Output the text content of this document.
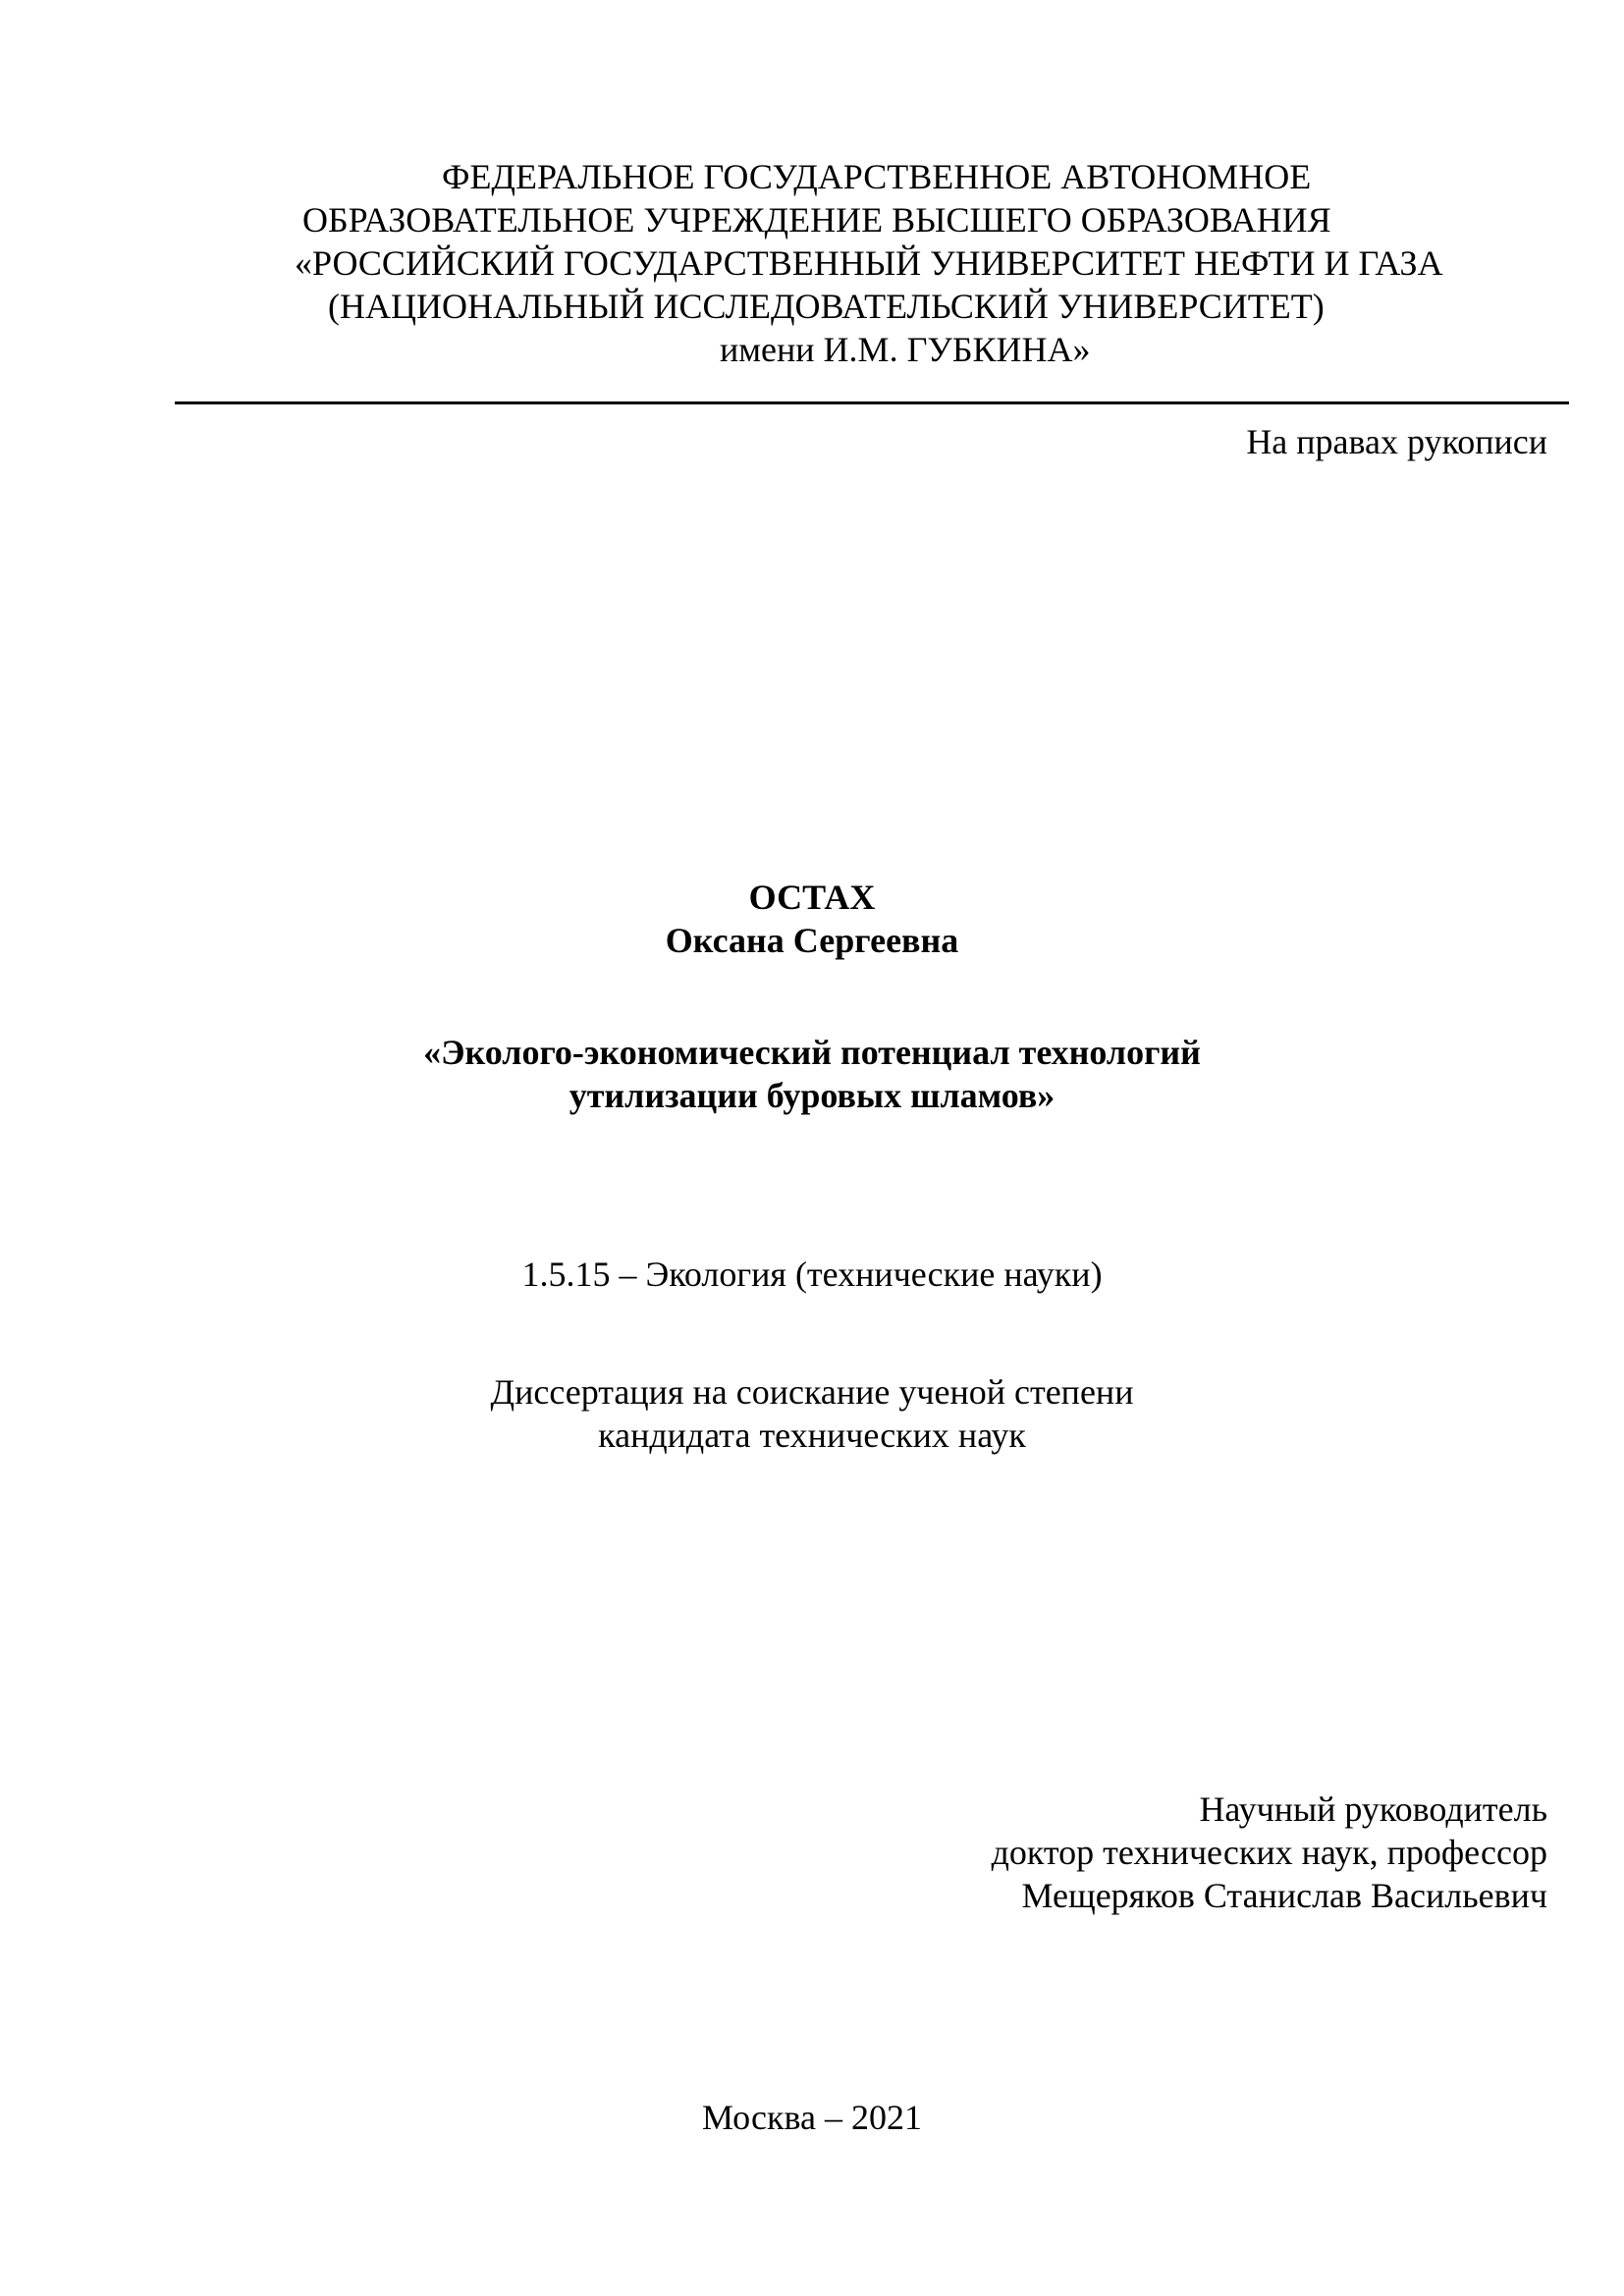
ФЕДЕРАЛЬНОЕ ГОСУДАРСТВЕННОЕ АВТОНОМНОЕ
ОБРАЗОВАТЕЛЬНОЕ УЧРЕЖДЕНИЕ ВЫСШЕГО ОБРАЗОВАНИЯ
«РОССИЙСКИЙ ГОСУДАРСТВЕННЫЙ УНИВЕРСИТЕТ НЕФТИ И ГАЗА
(НАЦИОНАЛЬНЫЙ ИССЛЕДОВАТЕЛЬСКИЙ УНИВЕРСИТЕТ)
имени И.М. ГУБКИНА»
На правах рукописи
ОСТАХ
Оксана Сергеевна
«Эколого-экономический потенциал технологий
утилизации буровых шламов»
1.5.15 – Экология (технические науки)
Диссертация на соискание ученой степени
кандидата технических наук
Научный руководитель
доктор технических наук, профессор
Мещеряков Станислав Васильевич
Москва – 2021
